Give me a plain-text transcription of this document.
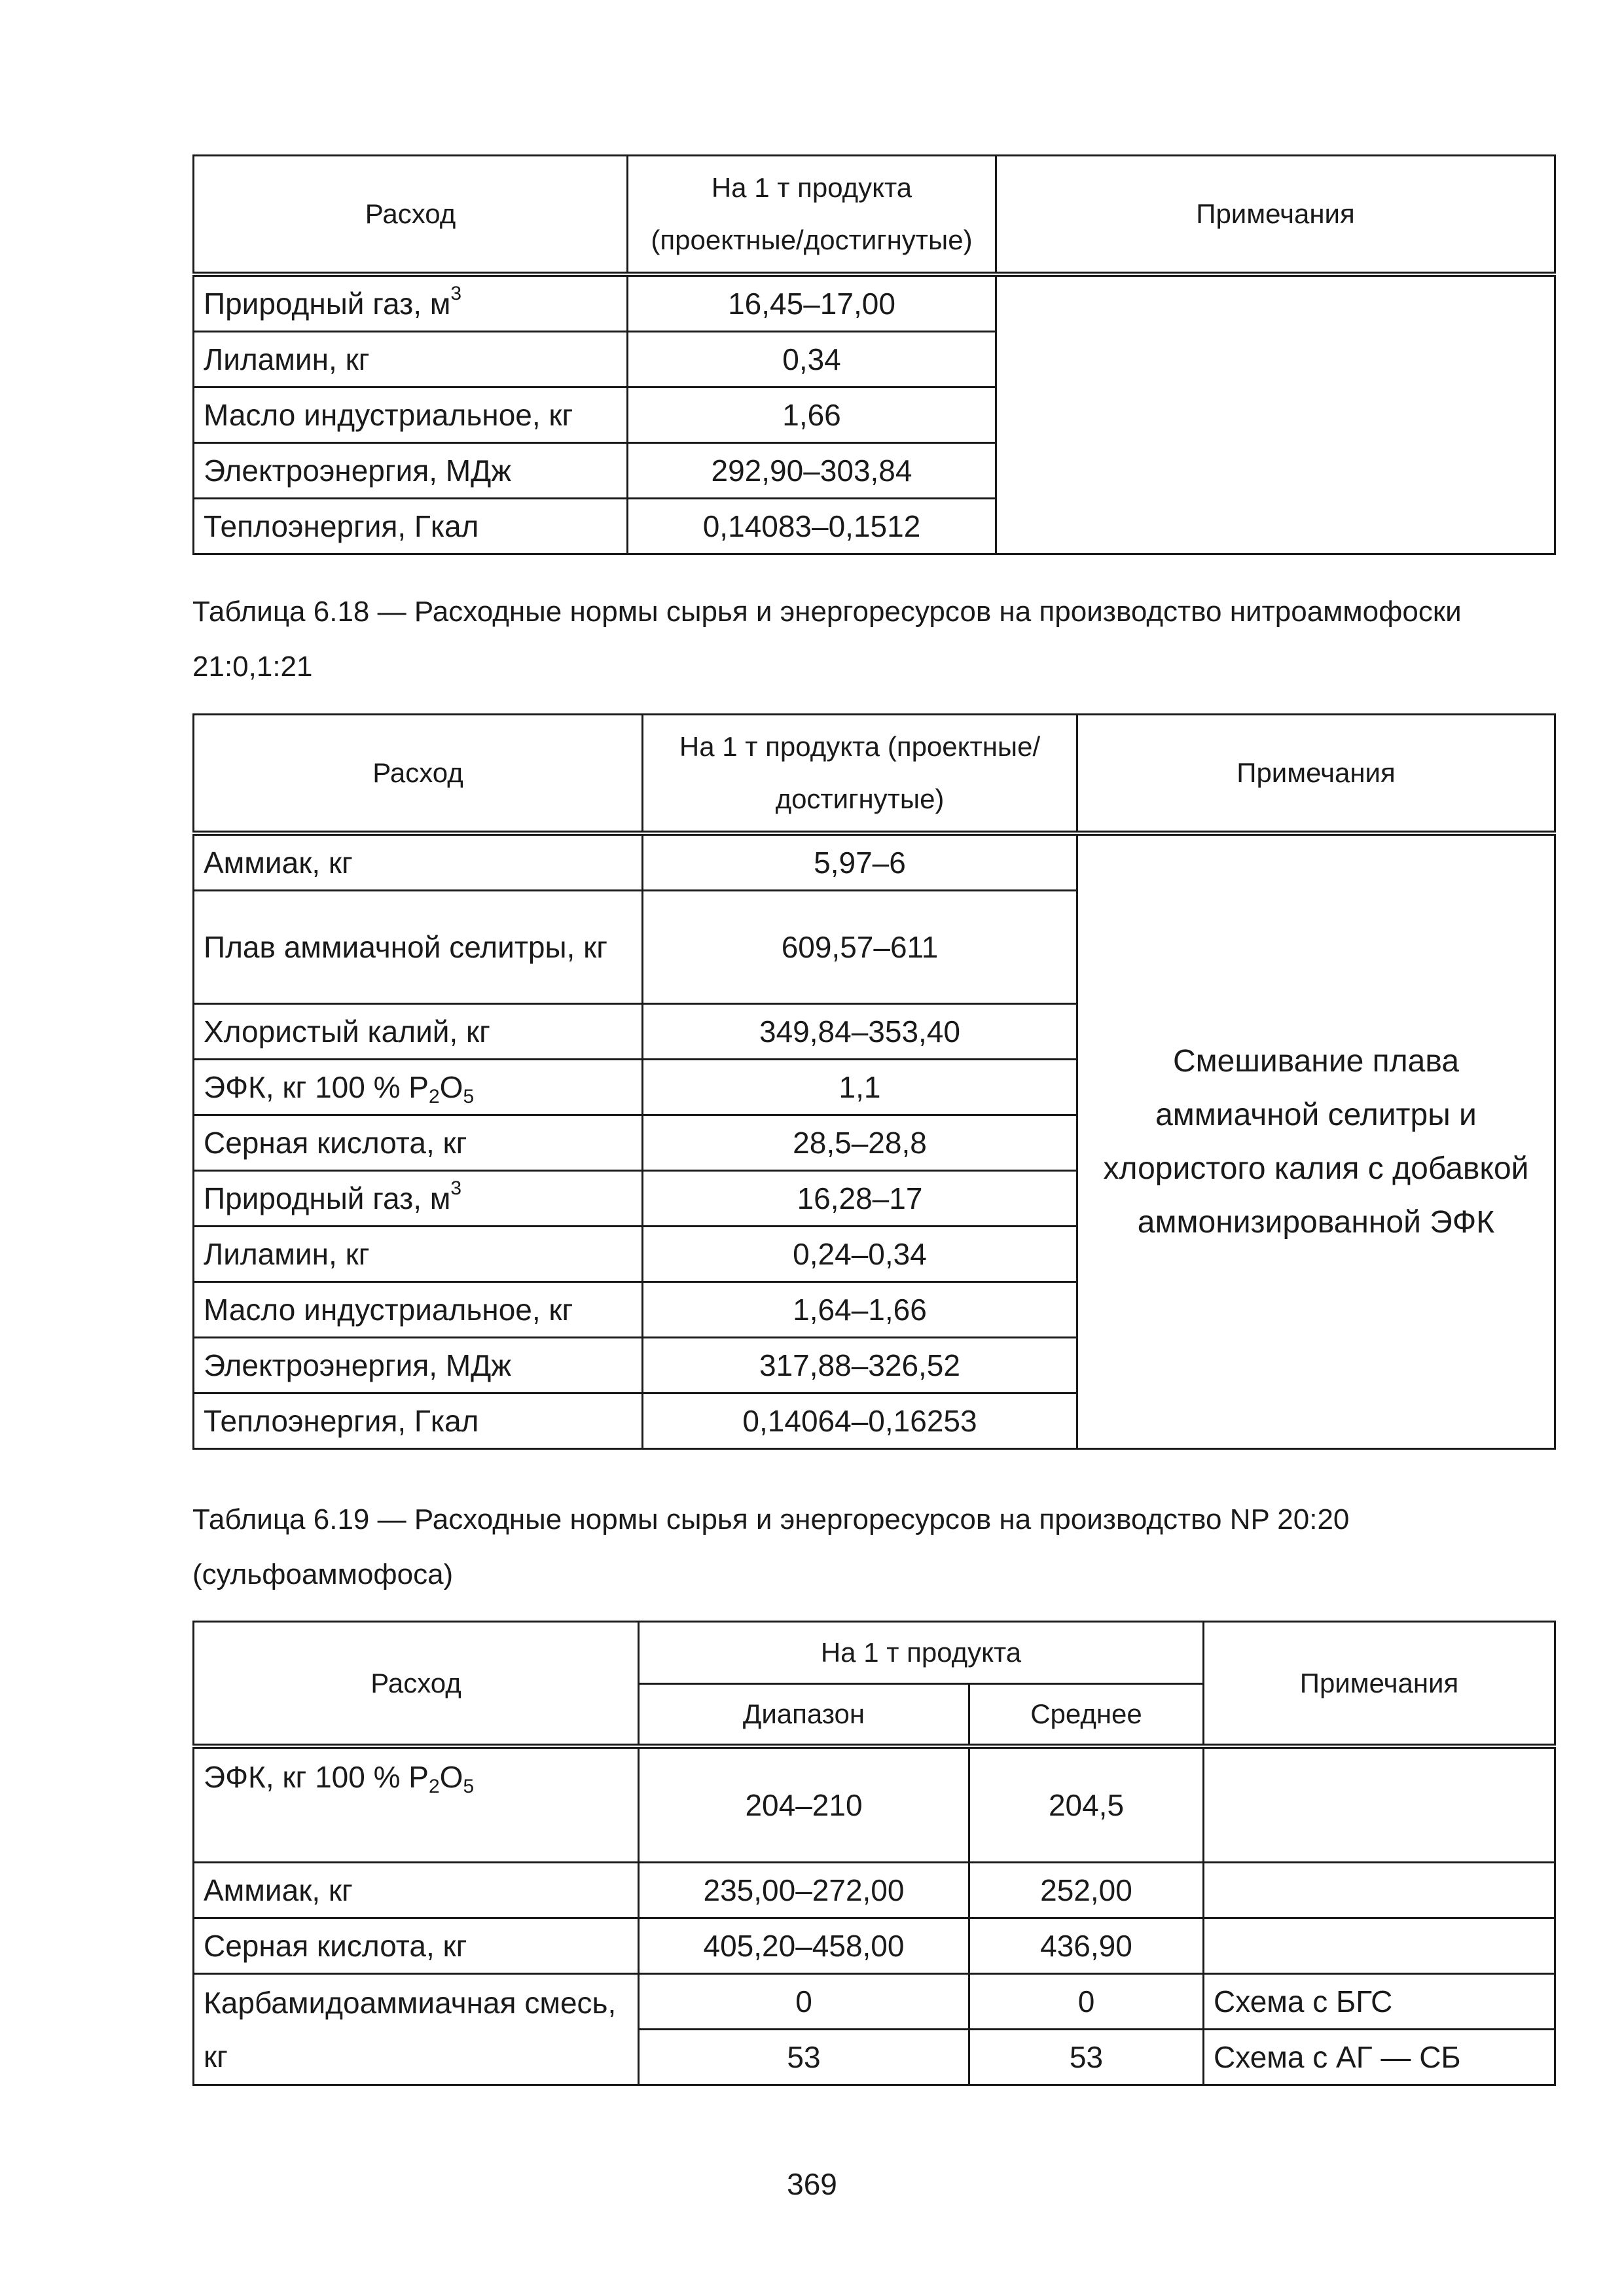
Расход	На 1 т продукта (проектные/достигнутые)	Примечания
Природный газ, $м^3$	16,45–17,00	
Лиламин, кг	0,34	
Масло индустриальное, кг	1,66	
Электроэнергия, МДж	292,90–303,84	
Теплоэнергия, Гкал	0,14083–0,1512	
Таблица 6.18 — Расходные нормы сырья и энергоресурсов на производство нитроаммофоски 21:0,1:21
Расход	На 1 т продукта (проектные/достигнутые)	Примечания
Аммиак, кг	5,97–6	Смешивание плава аммиачной селитры и хлористого калия с добавкой аммонизированной ЭФК
Плав аммиачной селитры, кг	609,57–611	
Хлористый калий, кг	349,84–353,40	
ЭФК, кг 100 % $P_2O_5$	1,1	
Серная кислота, кг	28,5–28,8	
Природный газ, $м^3$	16,28–17	
Лиламин, кг	0,24–0,34	
Масло индустриальное, кг	1,64–1,66	
Электроэнергия, МДж	317,88–326,52	
Теплоэнергия, Гкал	0,14064–0,16253	
Таблица 6.19 — Расходные нормы сырья и энергоресурсов на производство NP 20:20 (сульфоаммофоса)
Расход	На 1 т продукта		Примечания
	Диапазон	Среднее	
ЭФК, кг 100 % $P_2O_5$	204–210	204,5	
Аммиак, кг	235,00–272,00	252,00	
Серная кислота, кг	405,20–458,00	436,90	
Карбамидоаммиачная смесь, кг	0	0	Схема с БГС
	53	53	Схема с АГ — СБ
369
